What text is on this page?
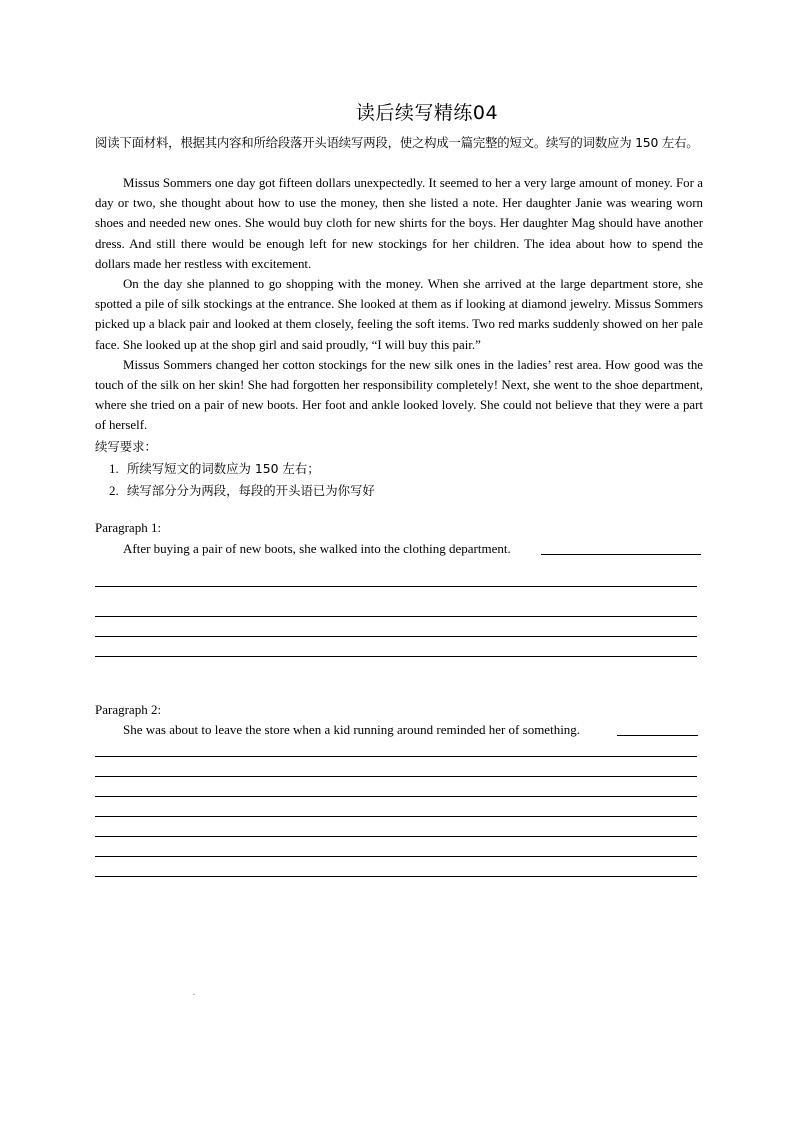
读后续写精练04
阅读下面材料，根据其内容和所给段落开头语续写两段，使之构成一篇完整的短文。续写的词数应为 150 左右。

Missus Sommers one day got fifteen dollars unexpectedly. It seemed to her a very large amount of money. For a day or two, she thought about how to use the money, then she listed a note. Her daughter Janie was wearing worn shoes and needed new ones. She would buy cloth for new shirts for the boys. Her daughter Mag should have another dress. And still there would be enough left for new stockings for her children. The idea about how to spend the dollars made her restless with excitement.

On the day she planned to go shopping with the money. When she arrived at the large department store, she spotted a pile of silk stockings at the entrance. She looked at them as if looking at diamond jewelry. Missus Sommers picked up a black pair and looked at them closely, feeling the soft items. Two red marks suddenly showed on her pale face. She looked up at the shop girl and said proudly, “I will buy this pair.”

Missus Sommers changed her cotton stockings for the new silk ones in the ladies’ rest area. How good was the touch of the silk on her skin! She had forgotten her responsibility completely! Next, she went to the shoe department, where she tried on a pair of new boots. Her foot and ankle looked lovely. She could not believe that they were a part of herself.

续写要求：
1. 所续写短文的词数应为 150 左右；
2. 续写部分分为两段，每段的开头语已为你写好
Paragraph 1:
After buying a pair of new boots, she walked into the clothing department.
Paragraph 2:
She was about to leave the store when a kid running around reminded her of something.
